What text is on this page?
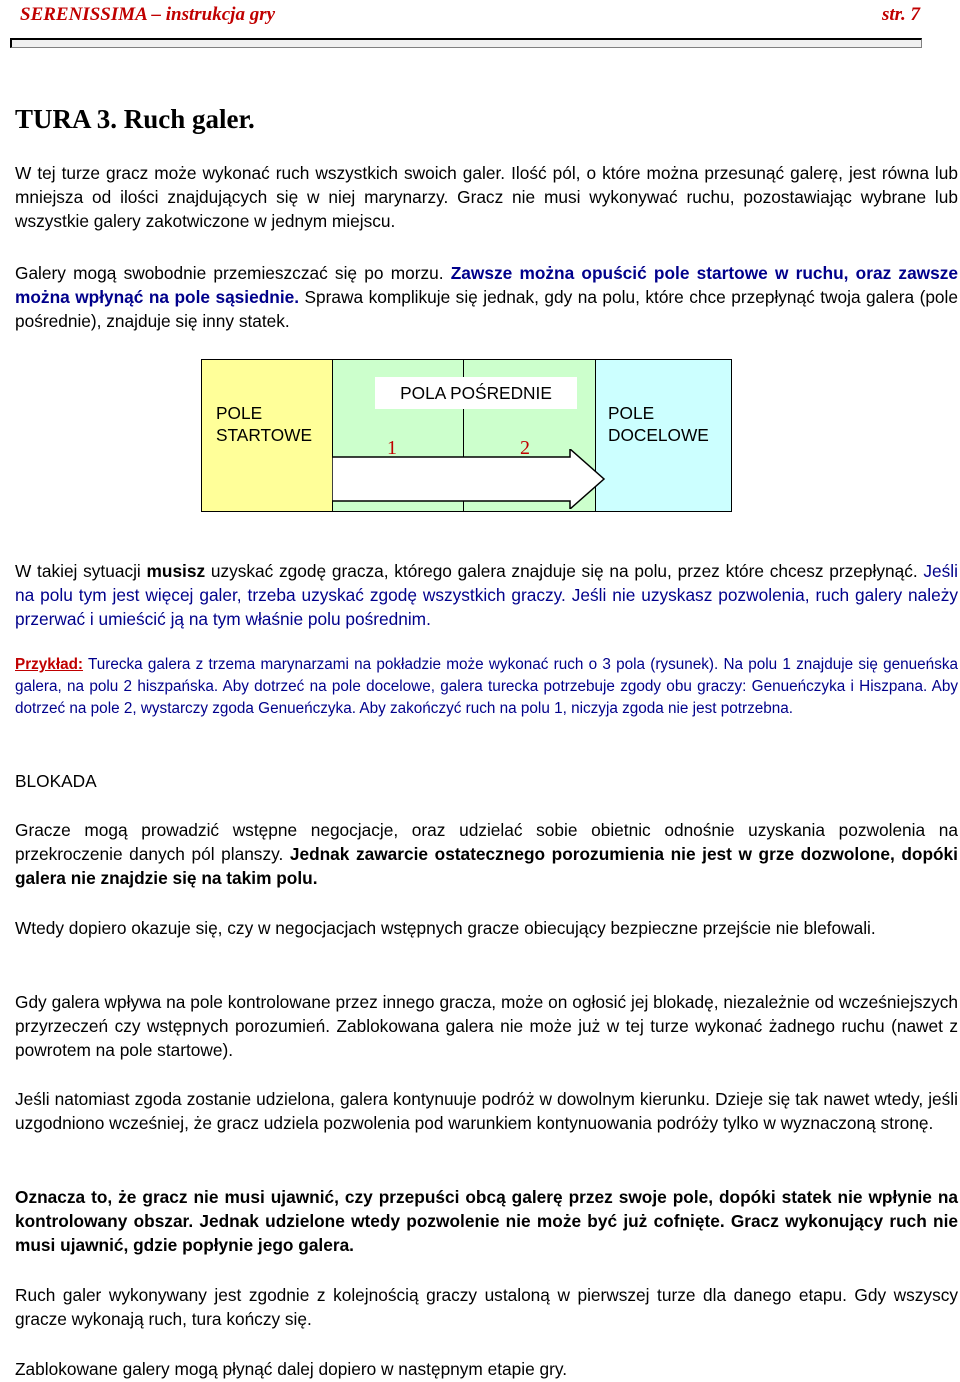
SERENISSIMA – instrukcja gry	str. 7
TURA 3. Ruch galer.

W tej turze gracz może wykonać ruch wszystkich swoich galer. Ilość pól, o które można przesunąć galerę, jest równa lub mniejsza od ilości znajdujących się w niej marynarzy. Gracz nie musi wykonywać ruchu, pozostawiając wybrane lub wszystkie galery zakotwiczone w jednym miejscu.

Galery mogą swobodnie przemieszczać się po morzu. Zawsze można opuścić pole startowe w ruchu, oraz zawsze można wpłynąć na pole sąsiednie. Sprawa komplikuje się jednak, gdy na polu, które chce przepłynąć twoja galera (pole pośrednie), znajduje się inny statek.

POLE
STARTOWE

POLE
DOCELOWE

POLA POŚREDNIE
1	2

W takiej sytuacji musisz uzyskać zgodę gracza, którego galera znajduje się na polu, przez które chcesz przepłynąć. Jeśli na polu tym jest więcej galer, trzeba uzyskać zgodę wszystkich graczy. Jeśli nie uzyskasz pozwolenia, ruch galery należy przerwać i umieścić ją na tym właśnie polu pośrednim.

Przykład: Turecka galera z trzema marynarzami na pokładzie może wykonać ruch o 3 pola (rysunek). Na polu 1 znajduje się genueńska galera, na polu 2 hiszpańska. Aby dotrzeć na pole docelowe, galera turecka potrzebuje zgody obu graczy: Genueńczyka i Hiszpana. Aby dotrzeć na pole 2, wystarczy zgoda Genueńczyka. Aby zakończyć ruch na polu 1, niczyja zgoda nie jest potrzebna.

BLOKADA

Gracze mogą prowadzić wstępne negocjacje, oraz udzielać sobie obietnic odnośnie uzyskania pozwolenia na przekroczenie danych pól planszy. Jednak zawarcie ostatecznego porozumienia nie jest w grze dozwolone, dopóki galera nie znajdzie się na takim polu.

Wtedy dopiero okazuje się, czy w negocjacjach wstępnych gracze obiecujący bezpieczne przejście nie blefowali.

Gdy galera wpływa na pole kontrolowane przez innego gracza, może on ogłosić jej blokadę, niezależnie od wcześniejszych przyrzeczeń czy wstępnych porozumień. Zablokowana galera nie może już w tej turze wykonać żadnego ruchu (nawet z powrotem na pole startowe).

Jeśli natomiast zgoda zostanie udzielona, galera kontynuuje podróż w dowolnym kierunku. Dzieje się tak nawet wtedy, jeśli uzgodniono wcześniej, że gracz udziela pozwolenia pod warunkiem kontynuowania podróży tylko w wyznaczoną stronę.

Oznacza to, że gracz nie musi ujawnić, czy przepuści obcą galerę przez swoje pole, dopóki statek nie wpłynie na kontrolowany obszar. Jednak udzielone wtedy pozwolenie nie może być już cofnięte. Gracz wykonujący ruch nie musi ujawnić, gdzie popłynie jego galera.

Ruch galer wykonywany jest zgodnie z kolejnością graczy ustaloną w pierwszej turze dla danego etapu. Gdy wszyscy gracze wykonają ruch, tura kończy się.

Zablokowane galery mogą płynąć dalej dopiero w następnym etapie gry.
